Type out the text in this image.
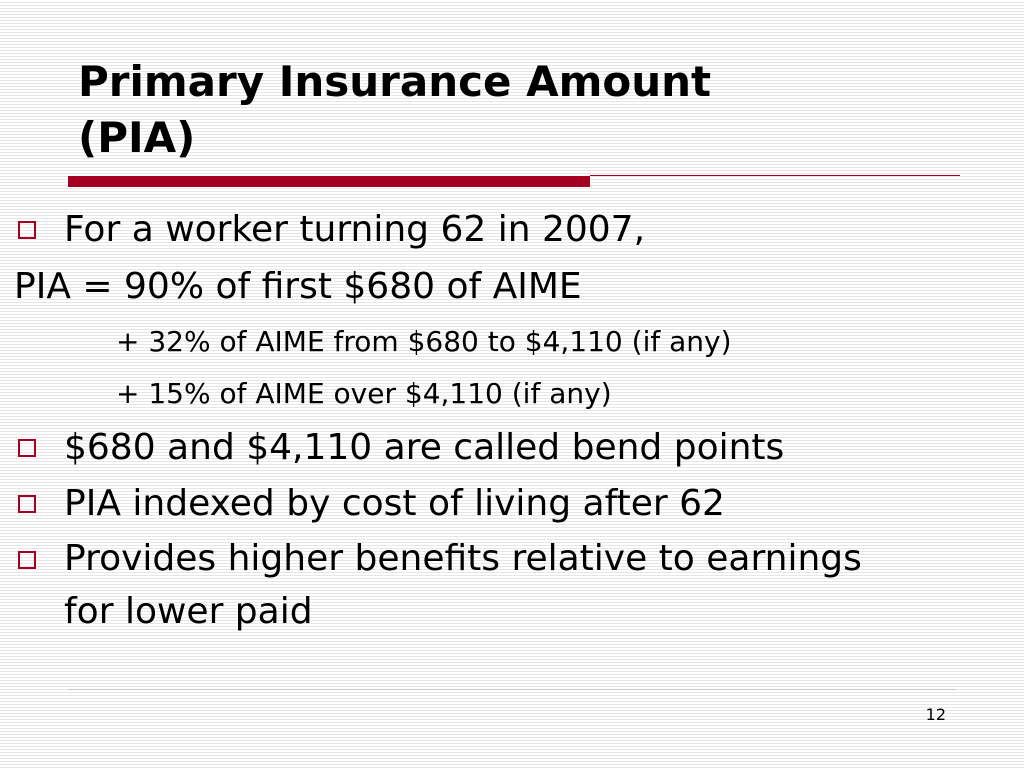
Primary Insurance Amount
(PIA)
For a worker turning 62 in 2007,
PIA = 90% of first $680 of AIME
+ 32% of AIME from $680 to $4,110 (if any)
+ 15% of AIME over $4,110 (if any)
$680 and $4,110 are called bend points
PIA indexed by cost of living after 62
Provides higher benefits relative to earnings
for lower paid
12
